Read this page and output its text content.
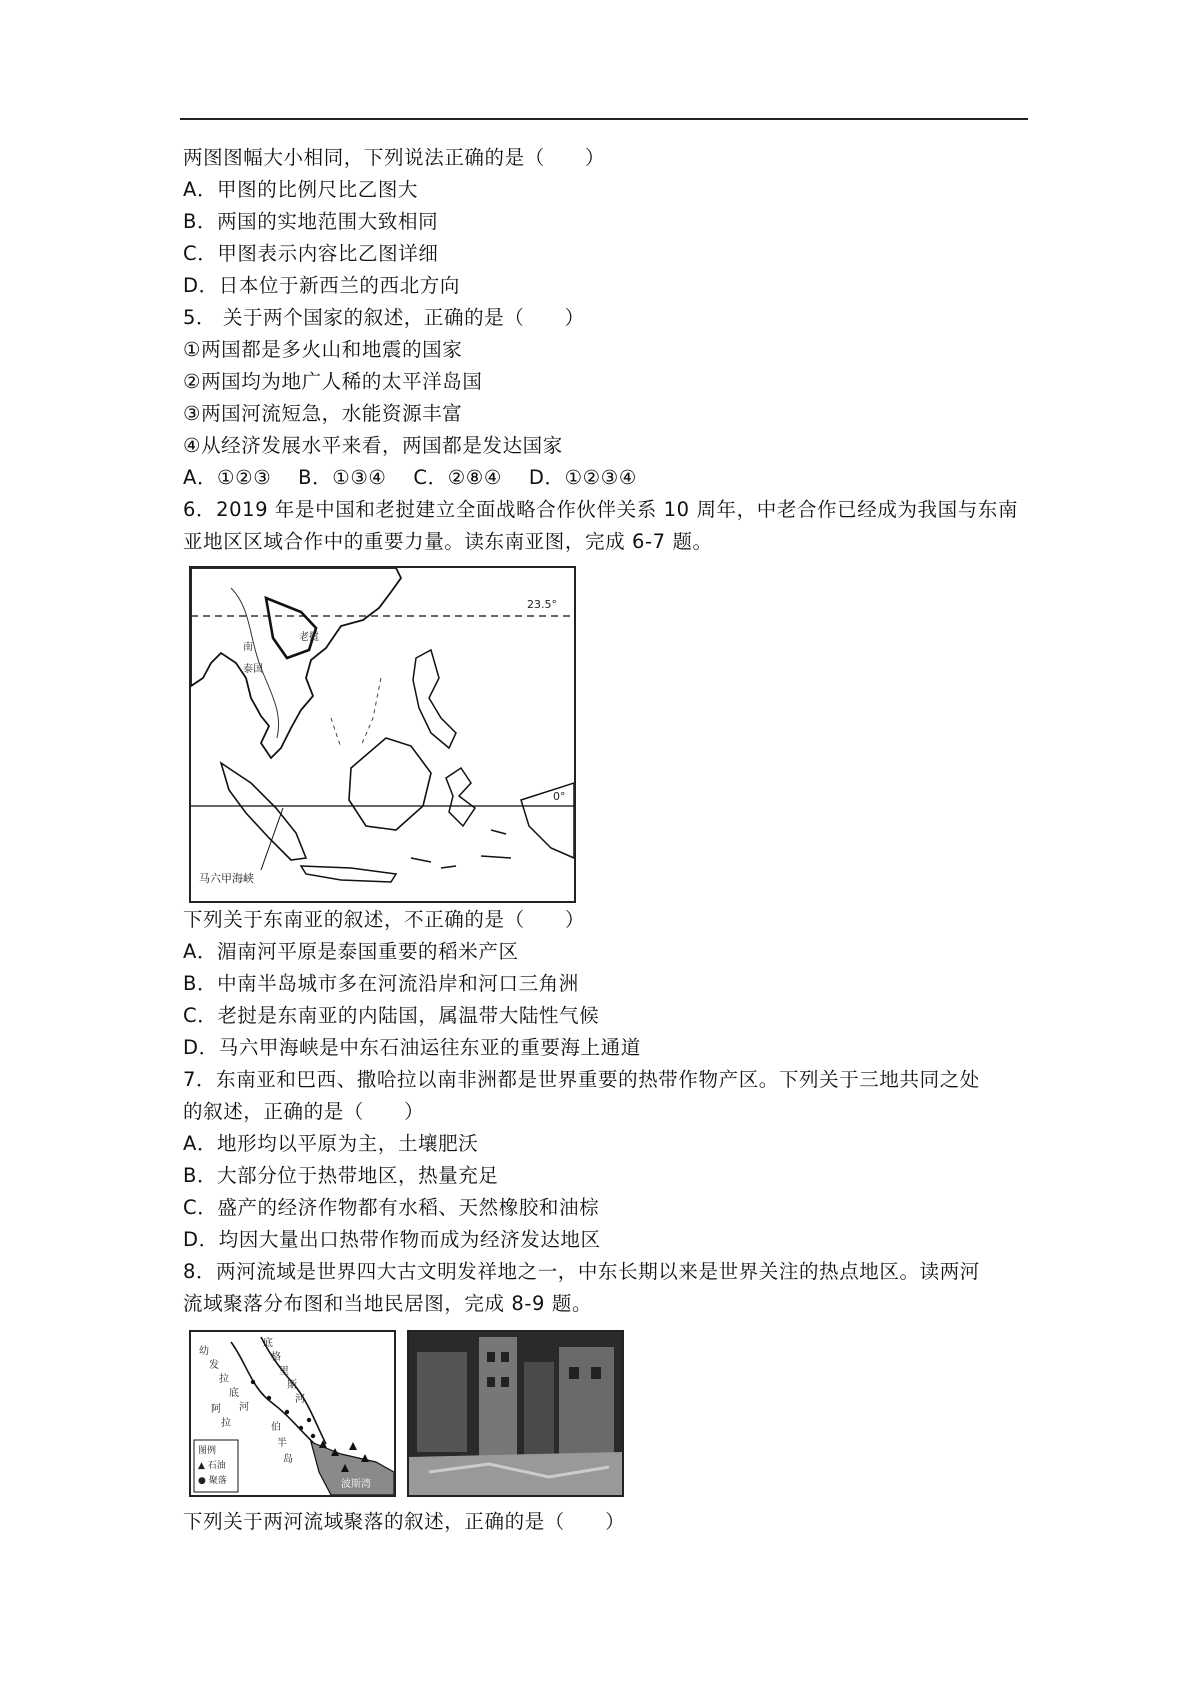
两图图幅大小相同，下列说法正确的是（　　）
A．甲图的比例尺比乙图大
B．两国的实地范围大致相同
C．甲图表示内容比乙图详细
D．日本位于新西兰的西北方向
5． 关于两个国家的叙述，正确的是（　　）
①两国都是多火山和地震的国家
②两国均为地广人稀的太平洋岛国
③两国河流短急，水能资源丰富
④从经济发展水平来看，两国都是发达国家
A．①②③　 B．①③④　 C．②⑧④　 D．①②③④
6．2019 年是中国和老挝建立全面战略合作伙伴关系 10 周年，中老合作已经成为我国与东南
亚地区区域合作中的重要力量。读东南亚图，完成 6-7 题。
23.5°
0°
南
泰国
老挝
马六甲海峡
下列关于东南亚的叙述，不正确的是（　　）
A．湄南河平原是泰国重要的稻米产区
B．中南半岛城市多在河流沿岸和河口三角洲
C．老挝是东南亚的内陆国，属温带大陆性气候
D．马六甲海峡是中东石油运往东亚的重要海上通道
7．东南亚和巴西、撒哈拉以南非洲都是世界重要的热带作物产区。下列关于三地共同之处
的叙述，正确的是（　　）
A．地形均以平原为主，土壤肥沃
B．大部分位于热带地区，热量充足
C．盛产的经济作物都有水稻、天然橡胶和油棕
D．均因大量出口热带作物而成为经济发达地区
8．两河流域是世界四大古文明发祥地之一，中东长期以来是世界关注的热点地区。读两河
流域聚落分布图和当地民居图，完成 8-9 题。
波斯湾
幼
发
拉
底
河
阿
拉	伯
半
岛
底
格
里
斯
河
图例
▲ 石油
● 聚落
下列关于两河流域聚落的叙述，正确的是（　　）
